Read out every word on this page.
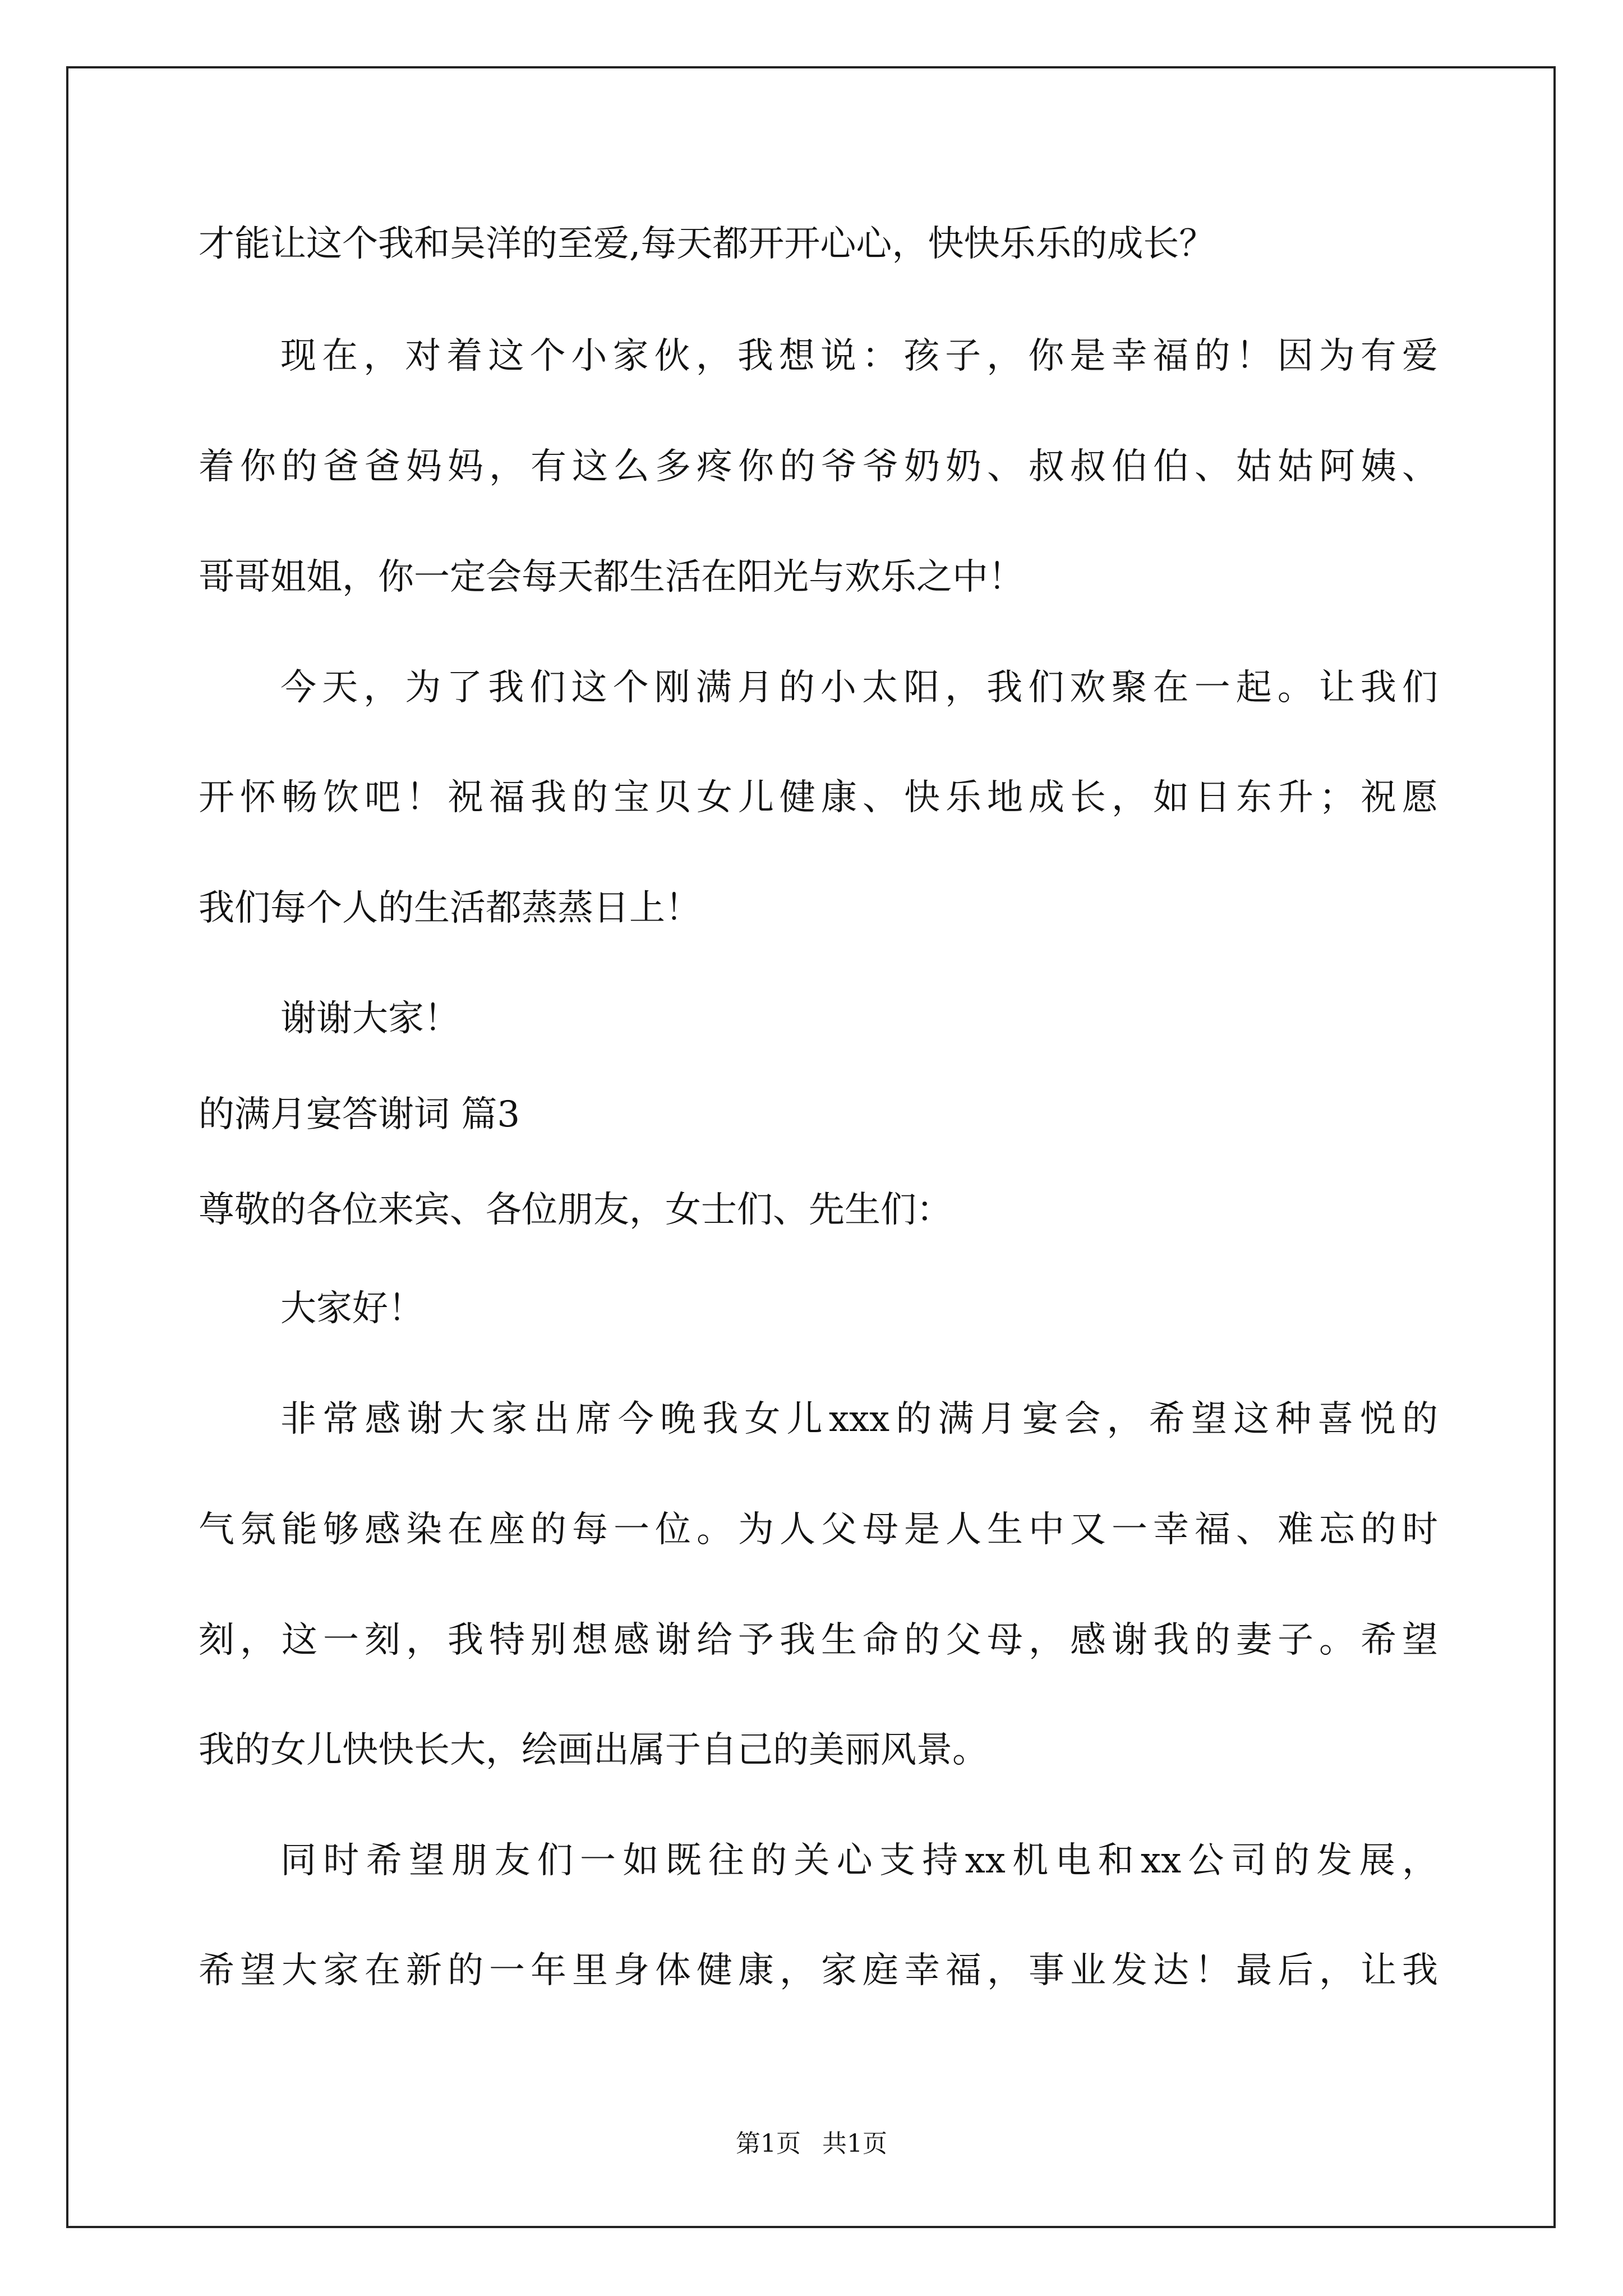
才能让这个我和吴洋的至爱,每天都开开心心，快快乐乐的成长？
现在，对着这个小家伙，我想说：孩子，你是幸福的！因为有爱
着你的爸爸妈妈，有这么多疼你的爷爷奶奶、叔叔伯伯、姑姑阿姨、
哥哥姐姐，你一定会每天都生活在阳光与欢乐之中！
今天，为了我们这个刚满月的小太阳，我们欢聚在一起。让我们
开怀畅饮吧！祝福我的宝贝女儿健康、快乐地成长，如日东升；祝愿
我们每个人的生活都蒸蒸日上！
谢谢大家！
的满月宴答谢词 篇3
尊敬的各位来宾、各位朋友，女士们、先生们：
大家好！
非常感谢大家出席今晚我女儿xxx的满月宴会，希望这种喜悦的
气氛能够感染在座的每一位。为人父母是人生中又一幸福、难忘的时
刻，这一刻，我特别想感谢给予我生命的父母，感谢我的妻子。希望
我的女儿快快长大，绘画出属于自己的美丽风景。
同时希望朋友们一如既往的关心支持xx机电和xx公司的发展，
希望大家在新的一年里身体健康，家庭幸福，事业发达！最后，让我
第1页 共1页
